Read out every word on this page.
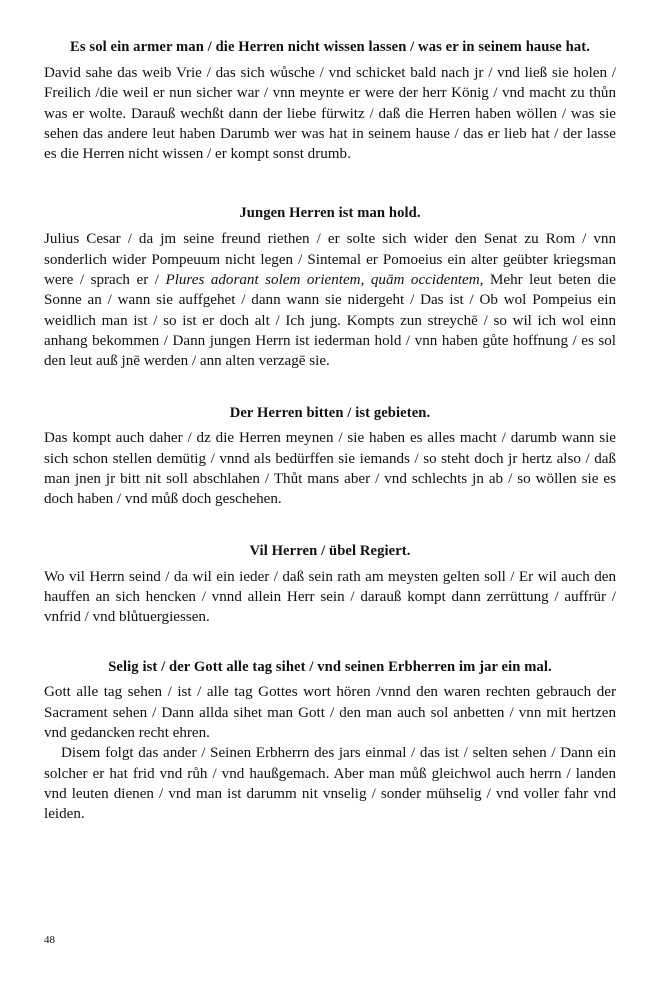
Es sol ein armer man / die Herren nicht wissen lassen / was er in seinem hause hat.

David sahe das weib Vrie / das sich wůsche / vnd schicket bald nach jr / vnd ließ sie holen / Freilich /die weil er nun sicher war / vnn meynte er were der herr König / vnd macht zu thůn was er wolte. Darauß wechßt dann der liebe fürwitz / daß die Herren haben wöllen / was sie sehen das andere leut haben Darumb wer was hat in seinem hause / das er lieb hat / der lasse es die Herren nicht wissen / er kompt sonst drumb.

Jungen Herren ist man hold.

Julius Cesar / da jm seine freund riethen / er solte sich wider den Senat zu Rom / vnn sonderlich wider Pompeuum nicht legen / Sintemal er Pomoeius ein alter geübter kriegsman were / sprach er / Plures adorant solem orientem, quām occidentem, Mehr leut beten die Sonne an / wann sie auffgehet / dann wann sie nidergeht / Das ist / Ob wol Pompeius ein weidlich man ist / so ist er doch alt / Ich jung. Kompts zun streychē / so wil ich wol einn anhang bekommen / Dann jungen Herrn ist iederman hold / vnn haben gůte hoffnung / es sol den leut auß jnē werden / ann alten verzagē sie.

Der Herren bitten / ist gebieten.

Das kompt auch daher / dz die Herren meynen / sie haben es alles macht / darumb wann sie sich schon stellen demütig / vnnd als bedürffen sie iemands / so steht doch jr hertz also / daß man jnen jr bitt nit soll abschlahen / Thůt mans aber / vnd schlechts jn ab / so wöllen sie es doch haben / vnd můß doch geschehen.

Vil Herren / übel Regiert.

Wo vil Herrn seind / da wil ein ieder / daß sein rath am meysten gelten soll / Er wil auch den hauffen an sich hencken / vnnd allein Herr sein / darauß kompt dann zerrüttung / auffrür / vnfrid / vnd blůtuergiessen.

Selig ist / der Gott alle tag sihet / vnd seinen Erbherren im jar ein mal.

Gott alle tag sehen / ist / alle tag Gottes wort hören /vnnd den waren rechten gebrauch der Sacrament sehen / Dann allda sihet man Gott / den man auch sol anbetten / vnn mit hertzen vnd gedancken recht ehren.

Disem folgt das ander / Seinen Erbherrn des jars einmal / das ist / selten sehen / Dann ein solcher er hat frid vnd růh / vnd haußgemach. Aber man můß gleichwol auch herrn / landen vnd leuten dienen / vnd man ist darumm nit vnselig / sonder mühselig / vnd voller fahr vnd leiden.

48
